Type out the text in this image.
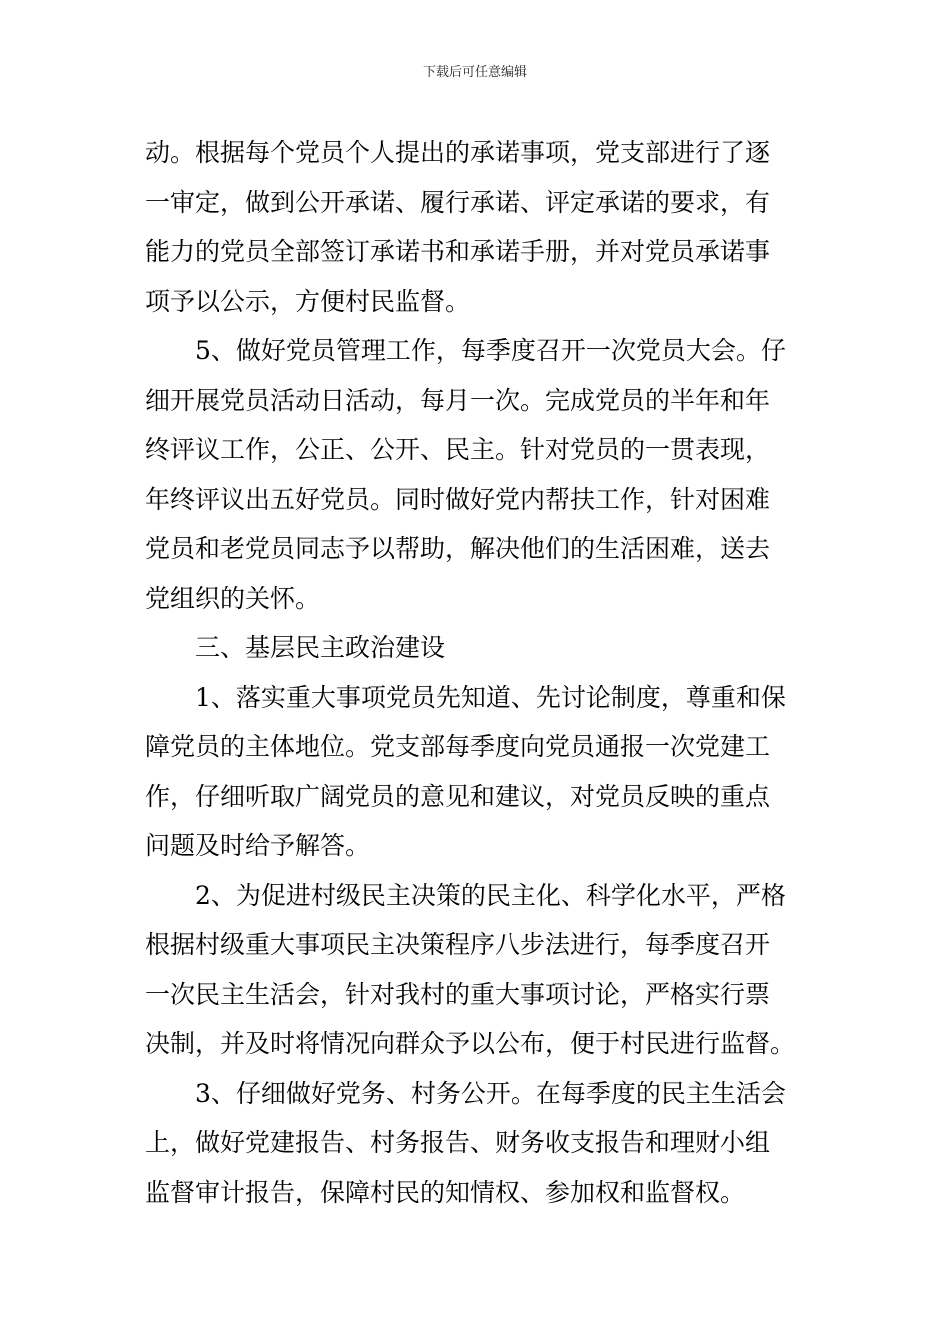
下载后可任意编辑
动。根据每个党员个人提出的承诺事项，党支部进行了逐
一审定，做到公开承诺、履行承诺、评定承诺的要求，有
能力的党员全部签订承诺书和承诺手册，并对党员承诺事
项予以公示，方便村民监督。
5、做好党员管理工作，每季度召开一次党员大会。仔
细开展党员活动日活动，每月一次。完成党员的半年和年
终评议工作，公正、公开、民主。针对党员的一贯表现，
年终评议出五好党员。同时做好党内帮扶工作，针对困难
党员和老党员同志予以帮助，解决他们的生活困难，送去
党组织的关怀。
三、基层民主政治建设
1、落实重大事项党员先知道、先讨论制度，尊重和保
障党员的主体地位。党支部每季度向党员通报一次党建工
作，仔细听取广阔党员的意见和建议，对党员反映的重点
问题及时给予解答。
2、为促进村级民主决策的民主化、科学化水平，严格
根据村级重大事项民主决策程序八步法进行，每季度召开
一次民主生活会，针对我村的重大事项讨论，严格实行票
决制，并及时将情况向群众予以公布，便于村民进行监督。
3、仔细做好党务、村务公开。在每季度的民主生活会
上，做好党建报告、村务报告、财务收支报告和理财小组
监督审计报告，保障村民的知情权、参加权和监督权。
